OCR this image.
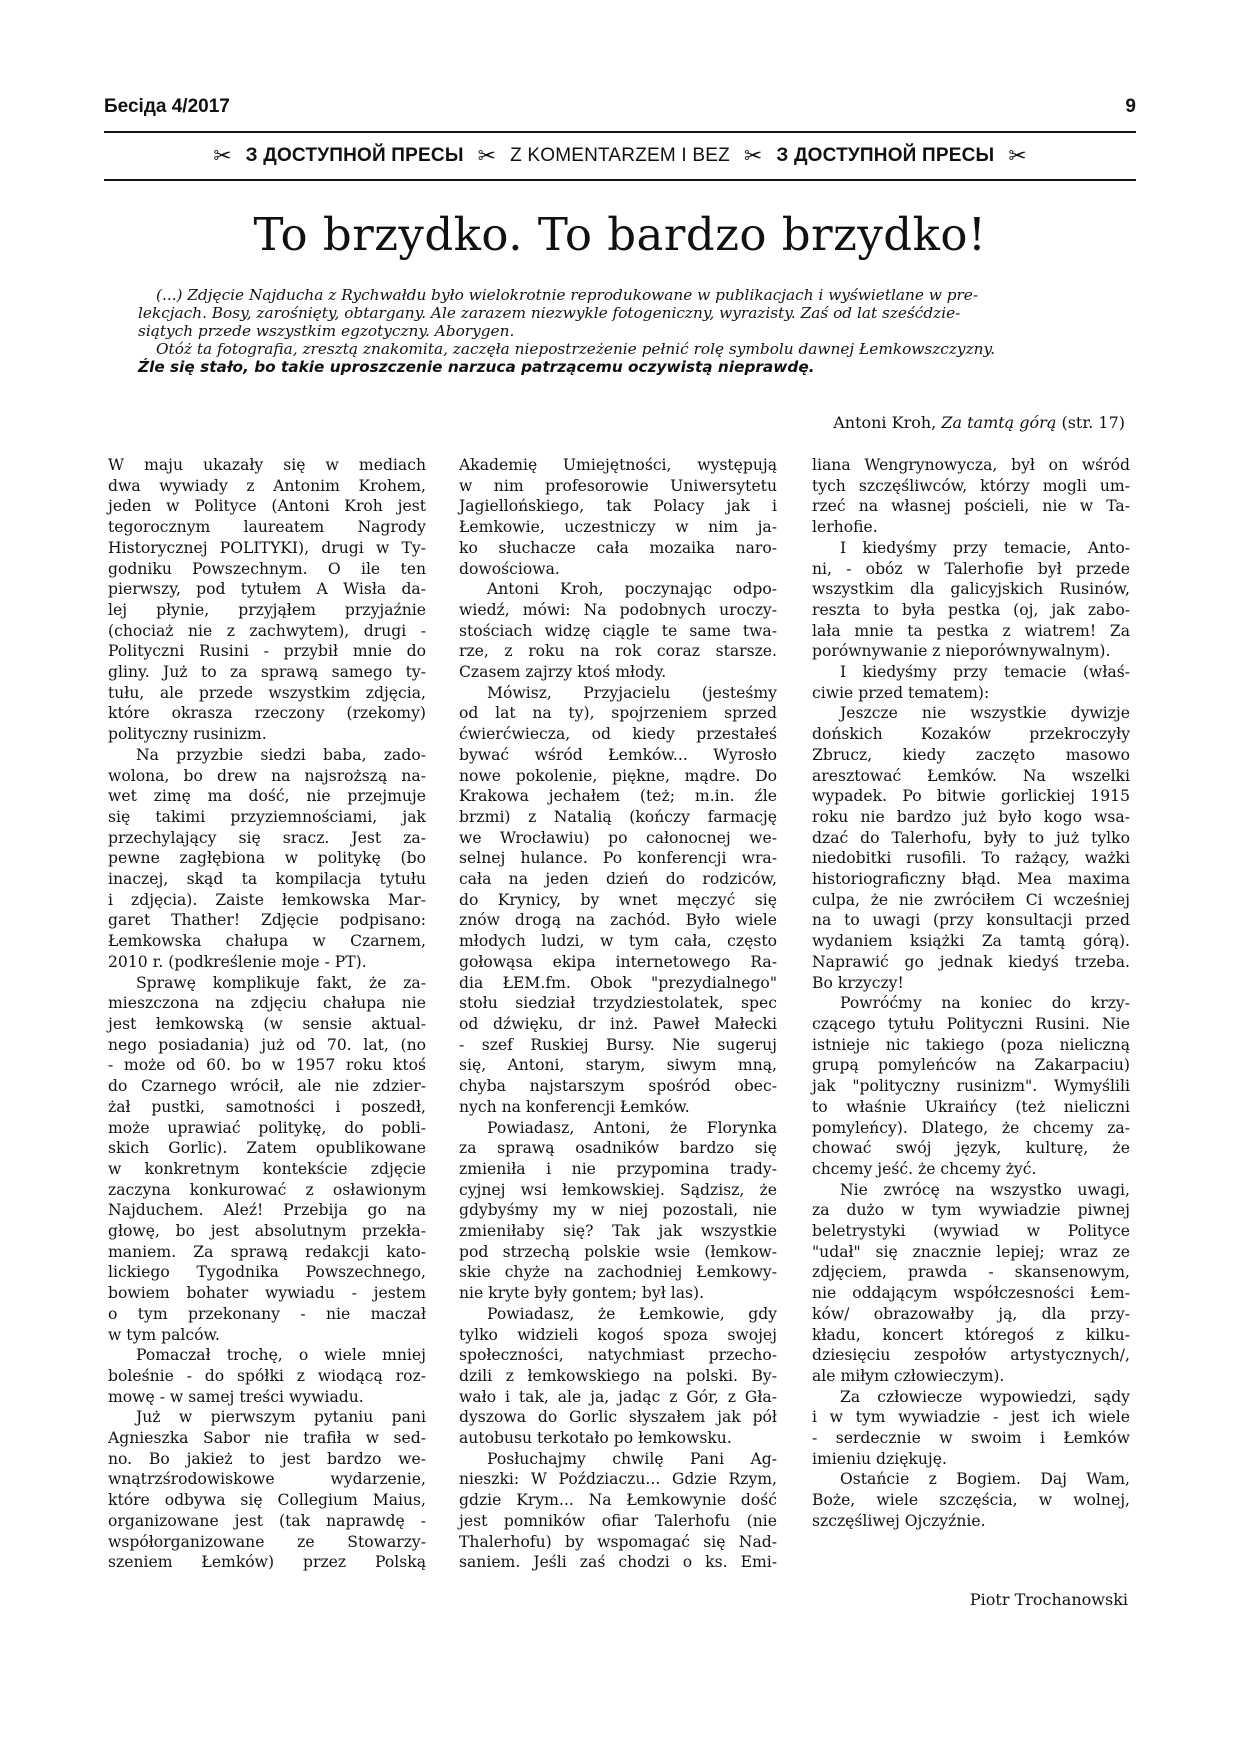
Бесіда 4/2017	9
✂ З ДОСТУПНОЙ ПРЕСЫ ✂ Z KOMENTARZEM I BEZ ✂ З ДОСТУПНОЙ ПРЕСЫ ✂
To brzydko. To bardzo brzydko!
(...) Zdjęcie Najducha z Rychwałdu było wielokrotnie reprodukowane w publikacjach i wyświetlane w pre-
lekcjach. Bosy, zarośnięty, obtargany. Ale zarazem niezwykle fotogeniczny, wyrazisty. Zaś od lat sześćdzie-
siątych przede wszystkim egzotyczny. Aborygen.
Otóż ta fotografia, zresztą znakomita, zaczęła niepostrzeżenie pełnić rolę symbolu dawnej Łemkowszczyzny.
Źle się stało, bo takie uproszczenie narzuca patrzącemu oczywistą nieprawdę.
Antoni Kroh, Za tamtą górą (str. 17)
W maju ukazały się w mediach
dwa wywiady z Antonim Krohem,
jeden w Polityce (Antoni Kroh jest
tegorocznym laureatem Nagrody
Historycznej POLITYKI), drugi w Ty-
godniku Powszechnym. O ile ten
pierwszy, pod tytułem A Wisła da-
lej płynie, przyjąłem przyjaźnie
(chociaż nie z zachwytem), drugi -
Polityczni Rusini - przybił mnie do
gliny. Już to za sprawą samego ty-
tułu, ale przede wszystkim zdjęcia,
które okrasza rzeczony (rzekomy)
polityczny rusinizm.
Na przyzbie siedzi baba, zado-
wolona, bo drew na najsroższą na-
wet zimę ma dość, nie przejmuje
się takimi przyziemnościami, jak
przechylający się sracz. Jest za-
pewne zagłębiona w politykę (bo
inaczej, skąd ta kompilacja tytułu
i zdjęcia). Zaiste łemkowska Mar-
garet Thather! Zdjęcie podpisano:
Łemkowska chałupa w Czarnem,
2010 r. (podkreślenie moje - PT).
Sprawę komplikuje fakt, że za-
mieszczona na zdjęciu chałupa nie
jest łemkowską (w sensie aktual-
nego posiadania) już od 70. lat, (no
- może od 60. bo w 1957 roku ktoś
do Czarnego wrócił, ale nie zdzier-
żał pustki, samotności i poszedł,
może uprawiać politykę, do pobli-
skich Gorlic). Zatem opublikowane
w konkretnym kontekście zdjęcie
zaczyna konkurować z osławionym
Najduchem. Aleź! Przebija go na
głowę, bo jest absolutnym przekła-
maniem. Za sprawą redakcji kato-
lickiego Tygodnika Powszechnego,
bowiem bohater wywiadu - jestem
o tym przekonany - nie maczał
w tym palców.
Pomaczał trochę, o wiele mniej
boleśnie - do spółki z wiodącą roz-
mowę - w samej treści wywiadu.
Już w pierwszym pytaniu pani
Agnieszka Sabor nie trafiła w sed-
no. Bo jakież to jest bardzo we-
wnątrzśrodowiskowe wydarzenie,
które odbywa się Collegium Maius,
organizowane jest (tak naprawdę -
współorganizowane ze Stowarzy-
szeniem Łemków) przez Polską
Akademię Umiejętności, występują
w nim profesorowie Uniwersytetu
Jagiellońskiego, tak Polacy jak i
Łemkowie, uczestniczy w nim ja-
ko słuchacze cała mozaika naro-
dowościowa.
Antoni Kroh, poczynając odpo-
wiedź, mówi: Na podobnych uroczy-
stościach widzę ciągle te same twa-
rze, z roku na rok coraz starsze.
Czasem zajrzy ktoś młody.
Mówisz, Przyjacielu (jesteśmy
od lat na ty), spojrzeniem sprzed
ćwierćwiecza, od kiedy przestałeś
bywać wśród Łemków... Wyrosło
nowe pokolenie, piękne, mądre. Do
Krakowa jechałem (też; m.in. źle
brzmi) z Natalią (kończy farmację
we Wrocławiu) po całonocnej we-
selnej hulance. Po konferencji wra-
cała na jeden dzień do rodziców,
do Krynicy, by wnet męczyć się
znów drogą na zachód. Było wiele
młodych ludzi, w tym cała, często
gołowąsa ekipa internetowego Ra-
dia ŁEM.fm. Obok "prezydialnego"
stołu siedział trzydziestolatek, spec
od dźwięku, dr inż. Paweł Małecki
- szef Ruskiej Bursy. Nie sugeruj
się, Antoni, starym, siwym mną,
chyba najstarszym spośród obec-
nych na konferencji Łemków.
Powiadasz, Antoni, że Florynka
za sprawą osadników bardzo się
zmieniła i nie przypomina trady-
cyjnej wsi łemkowskiej. Sądzisz, że
gdybyśmy my w niej pozostali, nie
zmieniłaby się? Tak jak wszystkie
pod strzechą polskie wsie (łemkow-
skie chyże na zachodniej Łemkowy-
nie kryte były gontem; był las).
Powiadasz, że Łemkowie, gdy
tylko widzieli kogoś spoza swojej
społeczności, natychmiast przecho-
dzili z łemkowskiego na polski. By-
wało i tak, ale ja, jadąc z Gór, z Gła-
dyszowa do Gorlic słyszałem jak pół
autobusu terkotało po łemkowsku.
Posłuchajmy chwilę Pani Ag-
nieszki: W Poździaczu... Gdzie Rzym,
gdzie Krym... Na Łemkowynie dość
jest pomników ofiar Talerhofu (nie
Thalerhofu) by wspomagać się Nad-
saniem. Jeśli zaś chodzi o ks. Emi-
liana Wengrynowycza, był on wśród
tych szczęśliwców, którzy mogli um-
rzeć na własnej pościeli, nie w Ta-
lerhofie.
I kiedyśmy przy temacie, Anto-
ni, - obóz w Talerhofie był przede
wszystkim dla galicyjskich Rusinów,
reszta to była pestka (oj, jak zabo-
lała mnie ta pestka z wiatrem! Za
porównywanie z nieporównywalnym).
I kiedyśmy przy temacie (właś-
ciwie przed tematem):
Jeszcze nie wszystkie dywizje
dońskich Kozaków przekroczyły
Zbrucz, kiedy zaczęto masowo
aresztować Łemków. Na wszelki
wypadek. Po bitwie gorlickiej 1915
roku nie bardzo już było kogo wsa-
dzać do Talerhofu, były to już tylko
niedobitki rusofili. To rażący, ważki
historiograficzny błąd. Mea maxima
culpa, że nie zwróciłem Ci wcześniej
na to uwagi (przy konsultacji przed
wydaniem książki Za tamtą górą).
Naprawić go jednak kiedyś trzeba.
Bo krzyczy!
Powróćmy na koniec do krzy-
czącego tytułu Polityczni Rusini. Nie
istnieje nic takiego (poza nieliczną
grupą pomyleńców na Zakarpaciu)
jak "polityczny rusinizm". Wymyślili
to właśnie Ukraińcy (też nieliczni
pomyleńcy). Dlatego, że chcemy za-
chować swój język, kulturę, że
chcemy jeść. że chcemy żyć.
Nie zwrócę na wszystko uwagi,
za dużo w tym wywiadzie piwnej
beletrystyki (wywiad w Polityce
"udał" się znacznie lepiej; wraz ze
zdjęciem, prawda - skansenowym,
nie oddającym współczesności Łem-
ków/ obrazowałby ją, dla przy-
kładu, koncert któregoś z kilku-
dziesięciu zespołów artystycznych/,
ale miłym człowieczym).
Za człowiecze wypowiedzi, sądy
i w tym wywiadzie - jest ich wiele
- serdecznie w swoim i Łemków
imieniu dziękuję.
Ostańcie z Bogiem. Daj Wam,
Boże, wiele szczęścia, w wolnej,
szczęśliwej Ojczyźnie.
Piotr Trochanowski
